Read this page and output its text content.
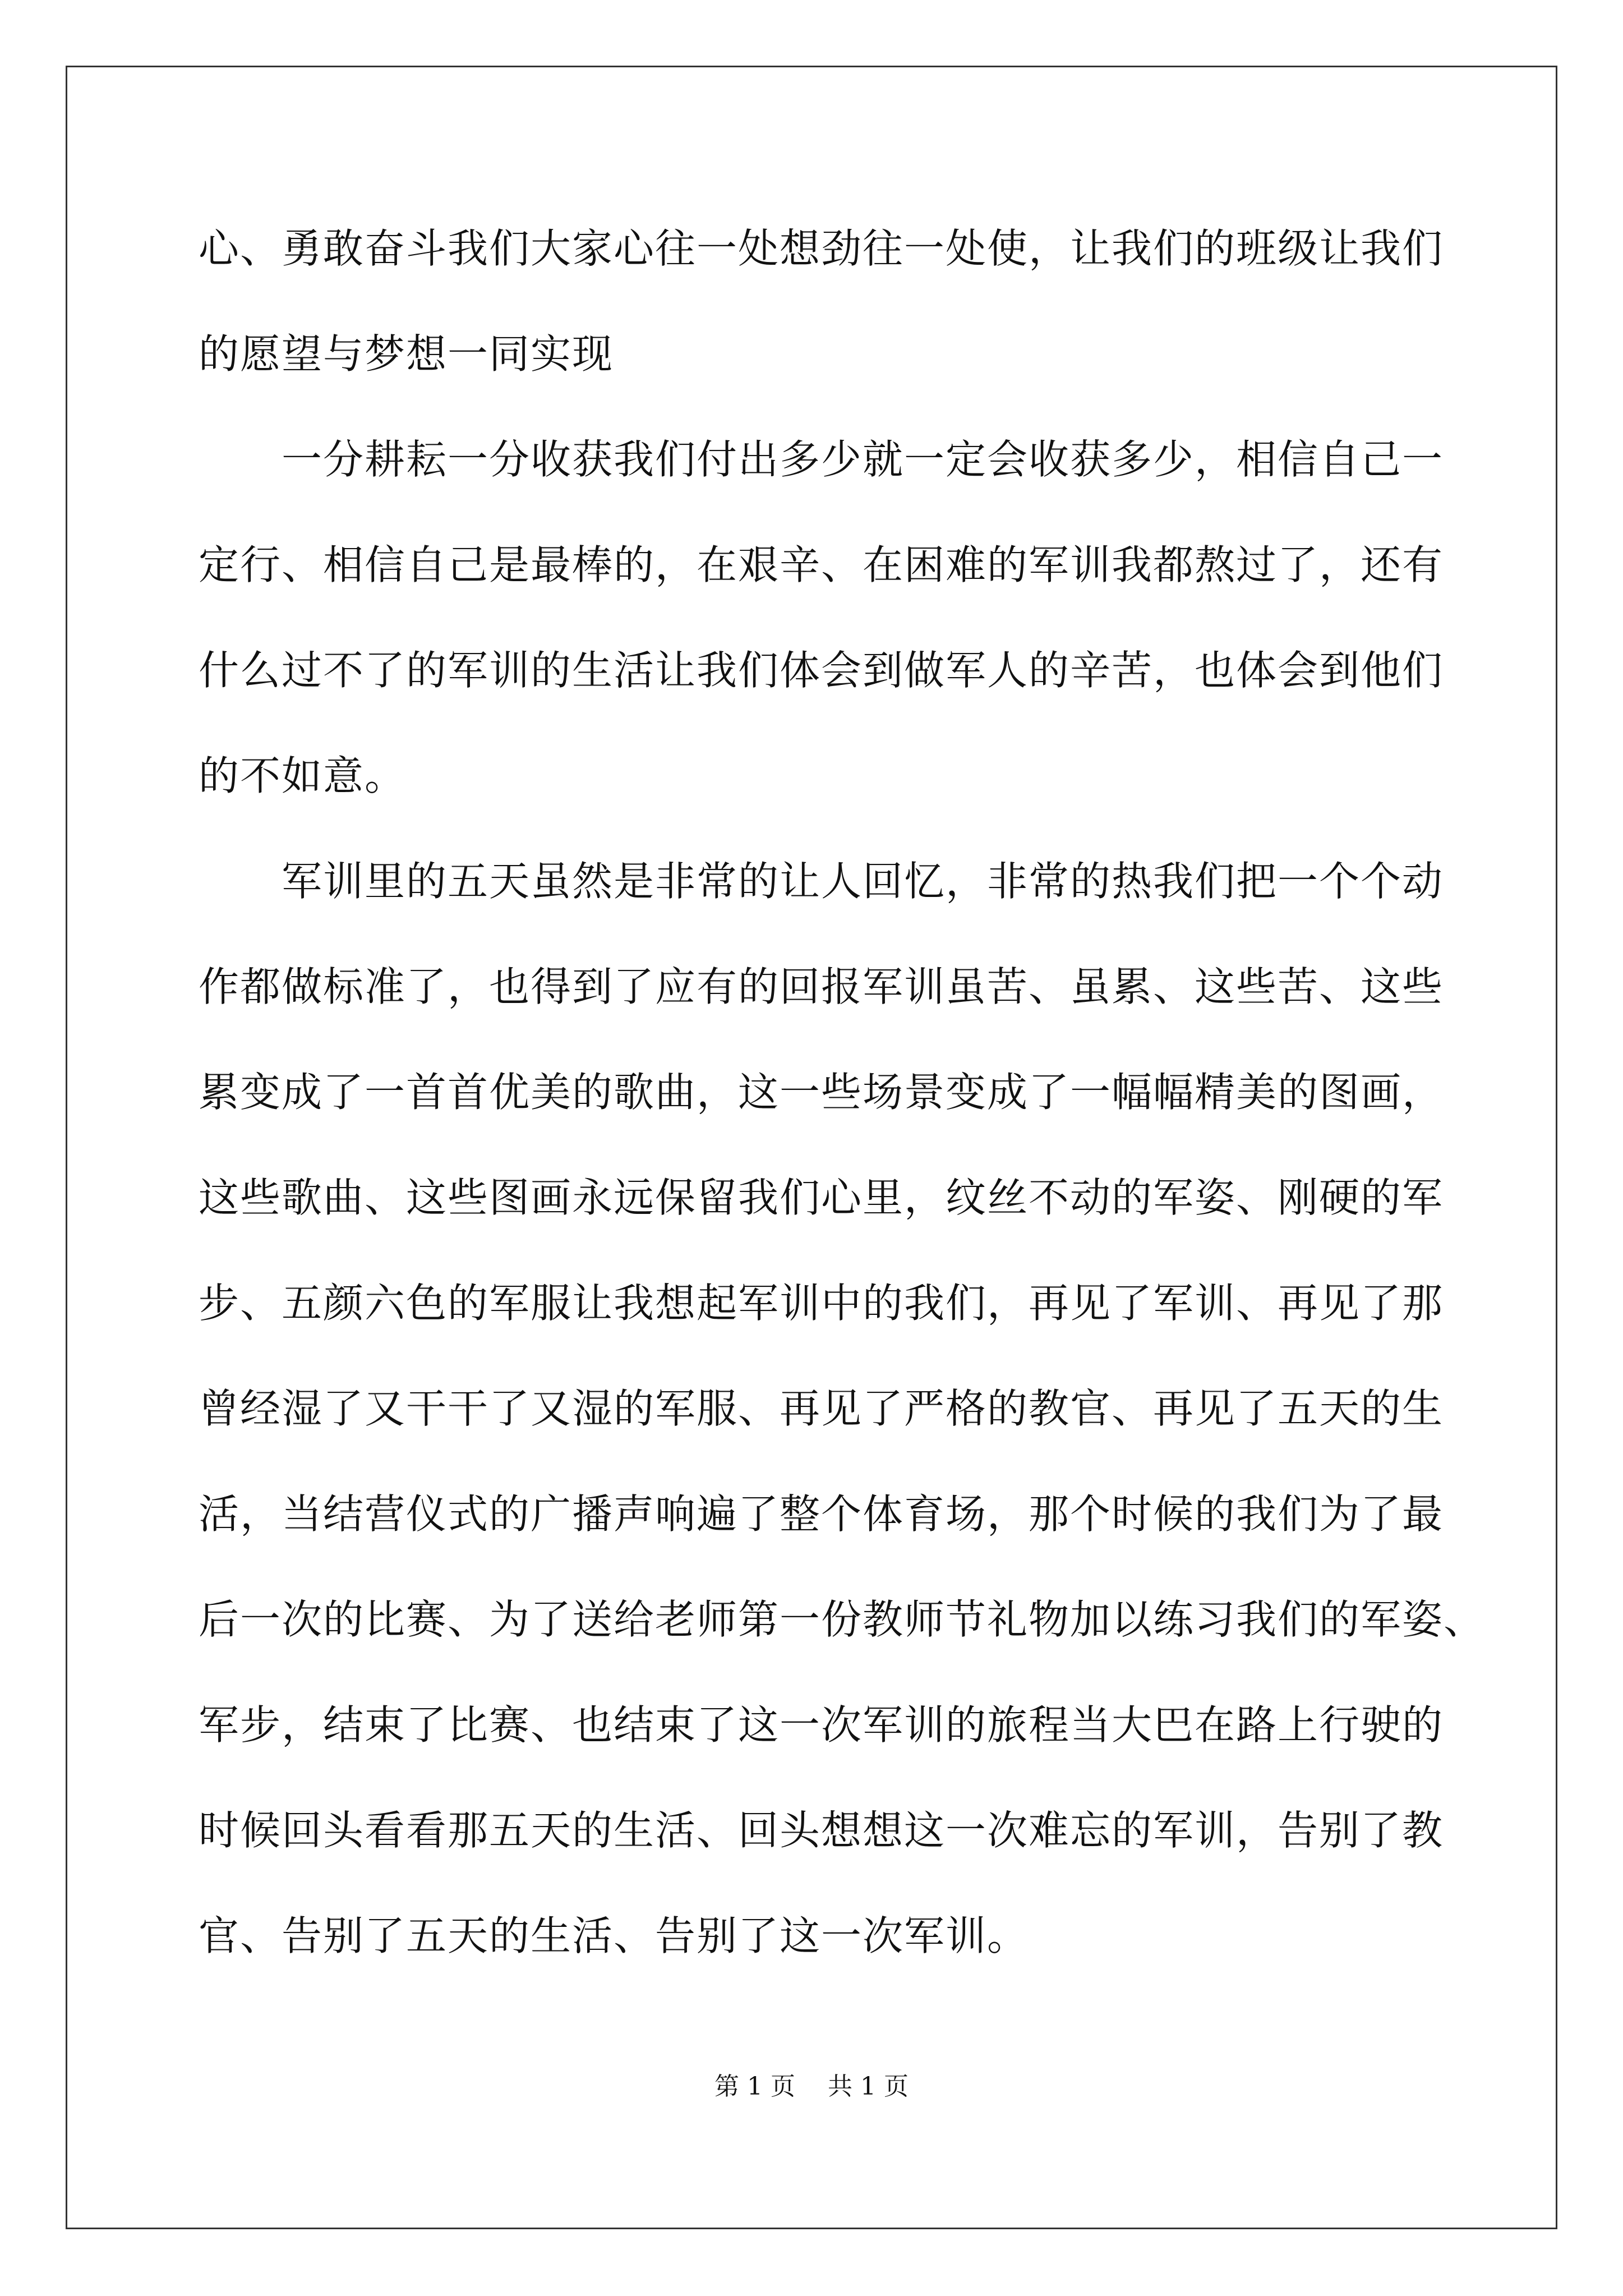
心、勇敢奋斗我们大家心往一处想劲往一处使，让我们的班级让我们
的愿望与梦想一同实现
　　一分耕耘一分收获我们付出多少就一定会收获多少，相信自己一
定行、相信自己是最棒的，在艰辛、在困难的军训我都熬过了，还有
什么过不了的军训的生活让我们体会到做军人的辛苦，也体会到他们
的不如意。
　　军训里的五天虽然是非常的让人回忆，非常的热我们把一个个动
作都做标准了，也得到了应有的回报军训虽苦、虽累、这些苦、这些
累变成了一首首优美的歌曲，这一些场景变成了一幅幅精美的图画，
这些歌曲、这些图画永远保留我们心里，纹丝不动的军姿、刚硬的军
步、五颜六色的军服让我想起军训中的我们，再见了军训、再见了那
曾经湿了又干干了又湿的军服、再见了严格的教官、再见了五天的生
活，当结营仪式的广播声响遍了整个体育场，那个时候的我们为了最
后一次的比赛、为了送给老师第一份教师节礼物加以练习我们的军姿、
军步，结束了比赛、也结束了这一次军训的旅程当大巴在路上行驶的
时候回头看看那五天的生活、回头想想这一次难忘的军训，告别了教
官、告别了五天的生活、告别了这一次军训。
第 1 页　 共 1 页
